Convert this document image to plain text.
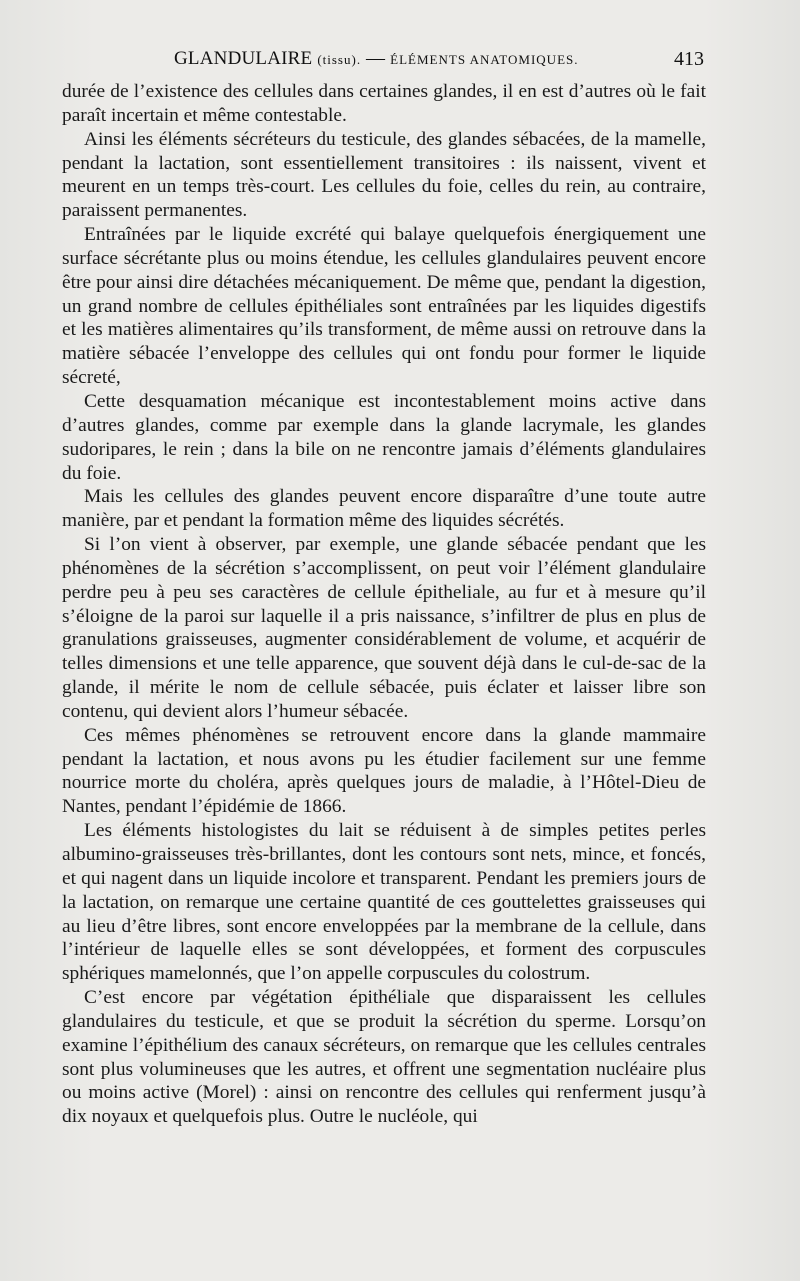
GLANDULAIRE (tissu). — ÉLÉMENTS ANATOMIQUES.	413

durée de l’existence des cellules dans certaines glandes, il en est d’autres où le fait paraît incertain et même contestable.

Ainsi les éléments sécréteurs du testicule, des glandes sébacées, de la mamelle, pendant la lactation, sont essentiellement transitoires : ils naissent, vivent et meurent en un temps très-court. Les cellules du foie, celles du rein, au contraire, paraissent permanentes.

Entraînées par le liquide excrété qui balaye quelquefois énergiquement une surface sécrétante plus ou moins étendue, les cellules glandulaires peuvent encore être pour ainsi dire détachées mécaniquement. De même que, pendant la digestion, un grand nombre de cellules épithéliales sont entraînées par les liquides digestifs et les matières alimentaires qu’ils transforment, de même aussi on retrouve dans la matière sébacée l’enveloppe des cellules qui ont fondu pour former le liquide sécreté,

Cette desquamation mécanique est incontestablement moins active dans d’autres glandes, comme par exemple dans la glande lacrymale, les glandes sudoripares, le rein ; dans la bile on ne rencontre jamais d’éléments glandulaires du foie.

Mais les cellules des glandes peuvent encore disparaître d’une toute autre manière, par et pendant la formation même des liquides sécrétés.

Si l’on vient à observer, par exemple, une glande sébacée pendant que les phénomènes de la sécrétion s’accomplissent, on peut voir l’élément glandulaire perdre peu à peu ses caractères de cellule épitheliale, au fur et à mesure qu’il s’éloigne de la paroi sur laquelle il a pris naissance, s’infiltrer de plus en plus de granulations graisseuses, augmenter considérablement de volume, et acquérir de telles dimensions et une telle apparence, que souvent déjà dans le cul-de-sac de la glande, il mérite le nom de cellule sébacée, puis éclater et laisser libre son contenu, qui devient alors l’humeur sébacée.

Ces mêmes phénomènes se retrouvent encore dans la glande mammaire pendant la lactation, et nous avons pu les étudier facilement sur une femme nourrice morte du choléra, après quelques jours de maladie, à l’Hôtel-Dieu de Nantes, pendant l’épidémie de 1866.

Les éléments histologistes du lait se réduisent à de simples petites perles albumino-graisseuses très-brillantes, dont les contours sont nets, mince, et foncés, et qui nagent dans un liquide incolore et transparent. Pendant les premiers jours de la lactation, on remarque une certaine quantité de ces gouttelettes graisseuses qui au lieu d’être libres, sont encore enveloppées par la membrane de la cellule, dans l’intérieur de laquelle elles se sont développées, et forment des corpuscules sphériques mamelonnés, que l’on appelle corpuscules du colostrum.

C’est encore par végétation épithéliale que disparaissent les cellules glandulaires du testicule, et que se produit la sécrétion du sperme. Lorsqu’on examine l’épithélium des canaux sécréteurs, on remarque que les cellules centrales sont plus volumineuses que les autres, et offrent une segmentation nucléaire plus ou moins active (Morel) : ainsi on rencontre des cellules qui renferment jusqu’à dix noyaux et quelquefois plus. Outre le nucléole, qui
